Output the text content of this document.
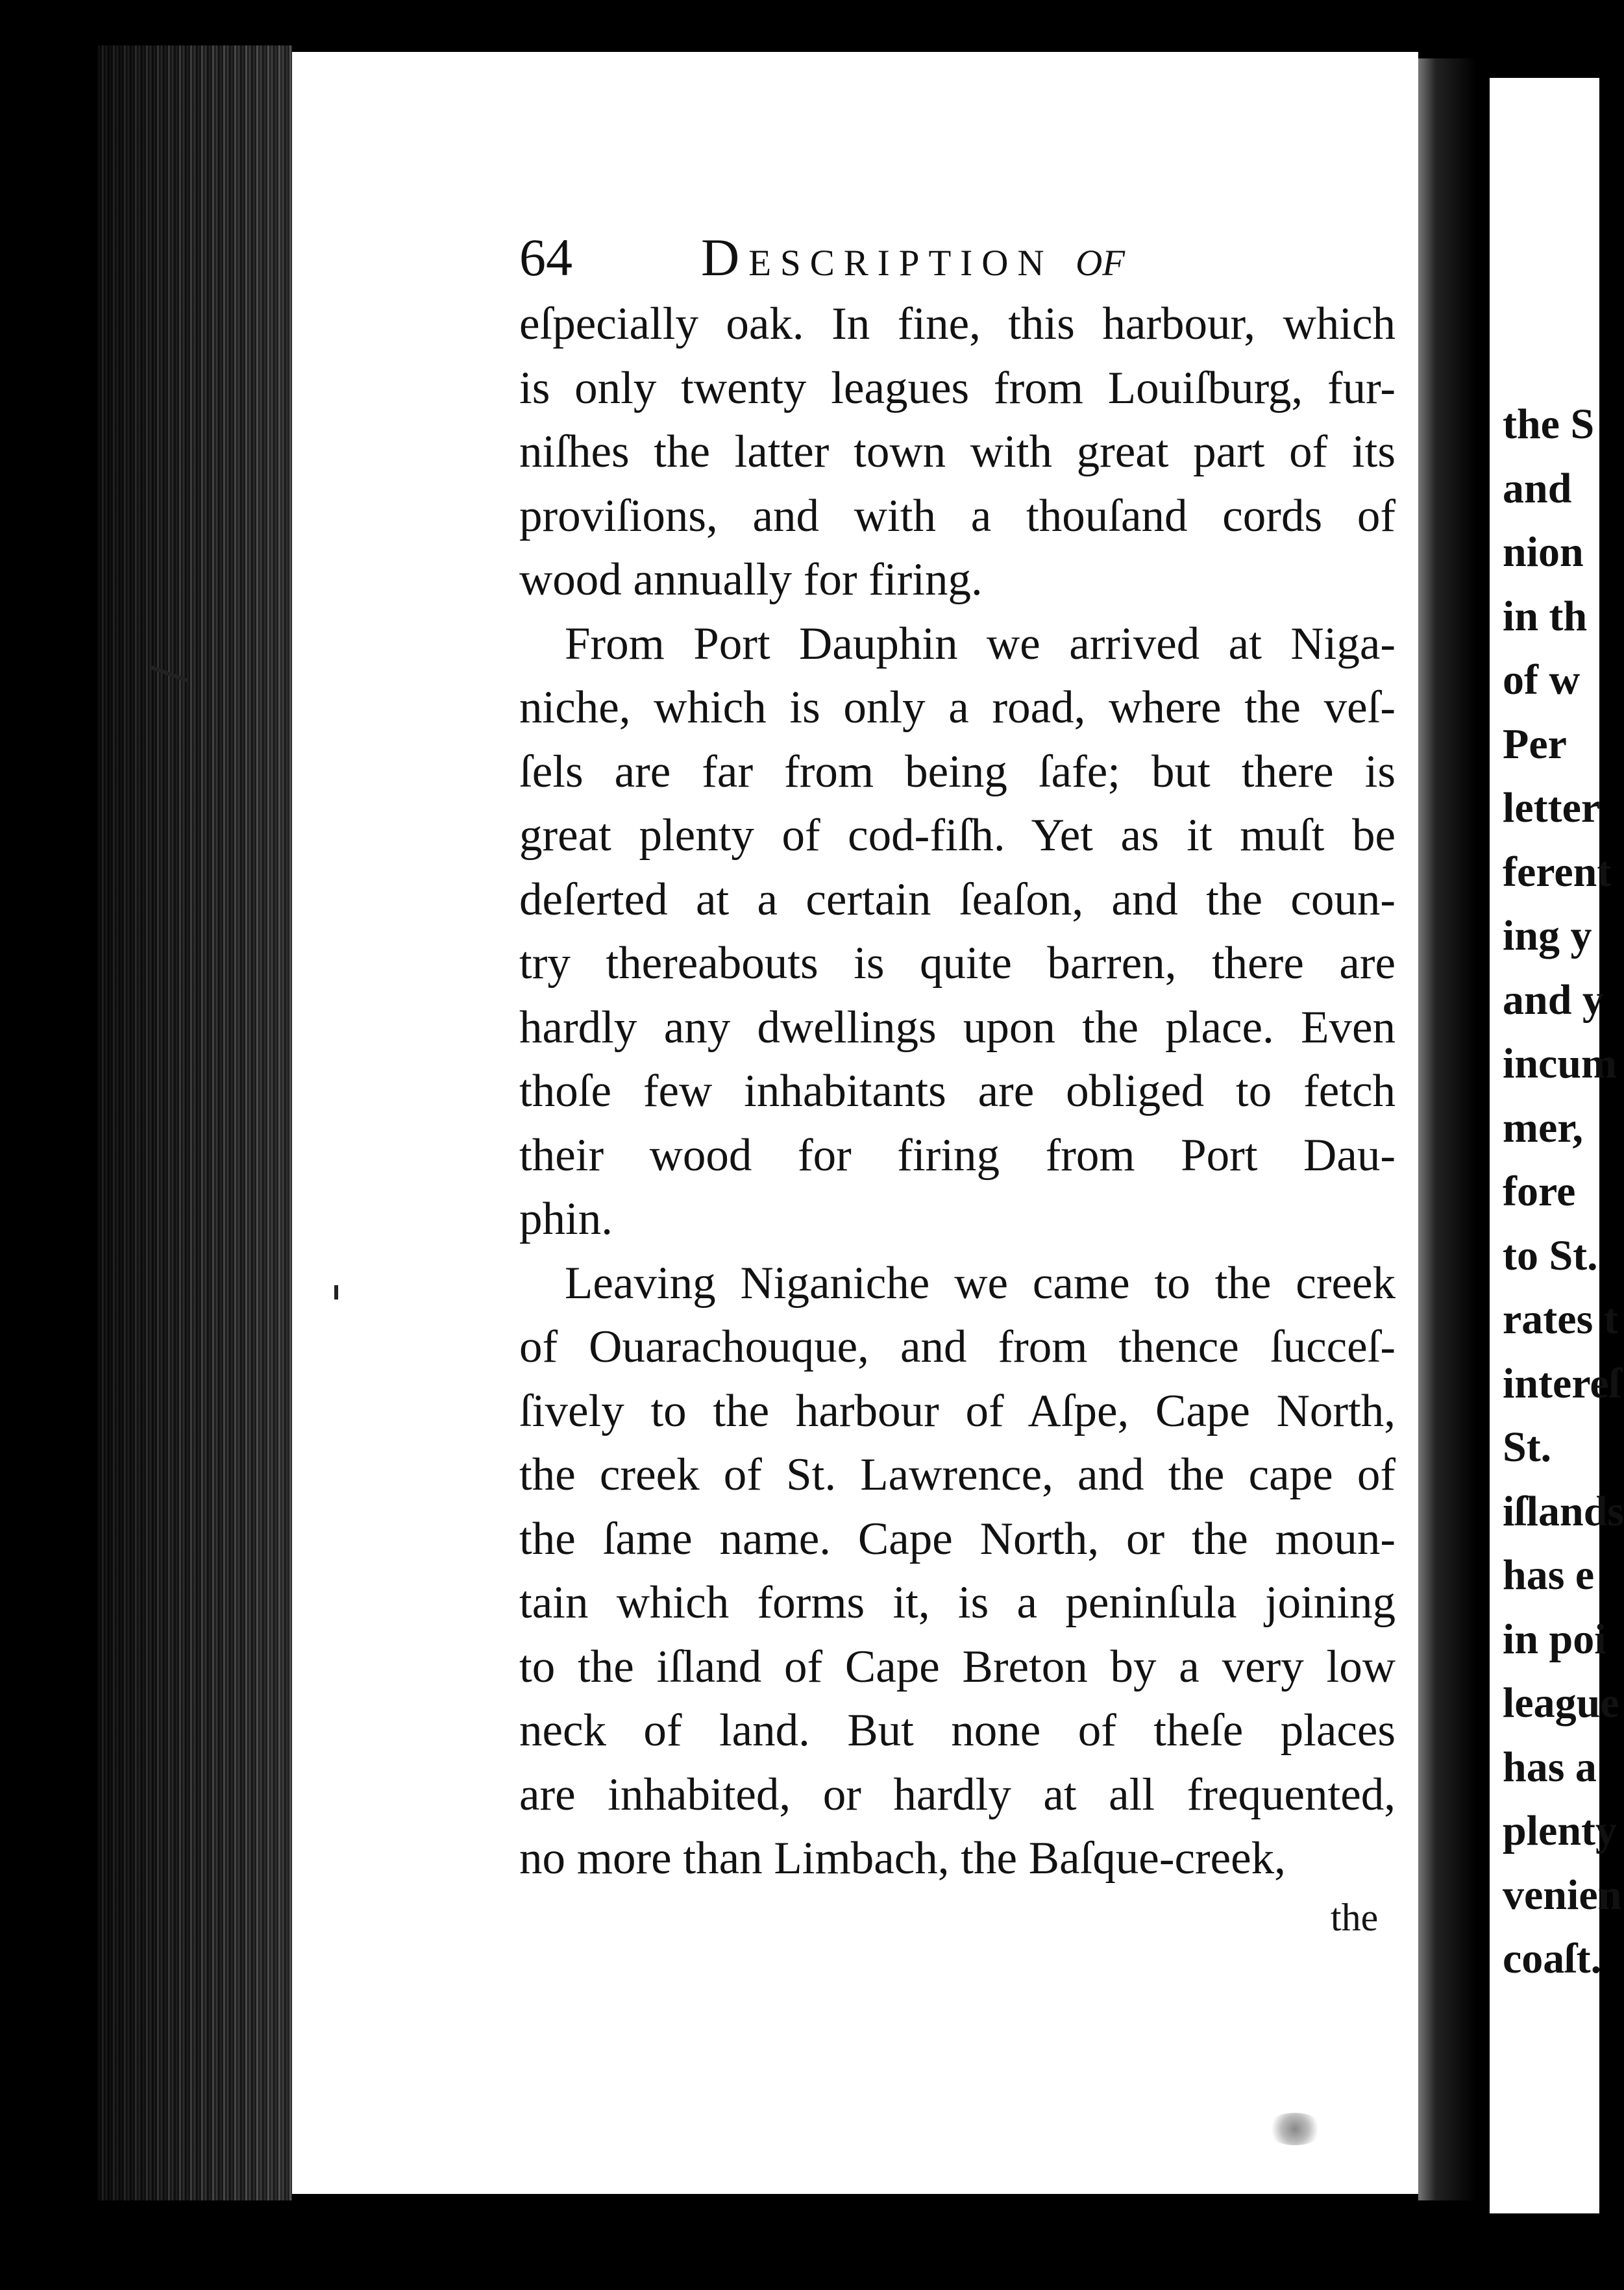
the S
and
nion
in th
of w
Per
letter
ferent
ing y
and y
incum
mer,
fore
to St.
rates t
intereſ
St.
iſlands
has e
in poi
league
has a
plenty
venien
coaſt.
64 Description of
eſpecially oak. In fine, this harbour, which
is only twenty leagues from Louiſburg, fur-
niſhes the latter town with great part of its
proviſions, and with a thouſand cords of
wood annually for firing.
From Port Dauphin we arrived at Niga-
niche, which is only a road, where the veſ-
ſels are far from being ſafe; but there is
great plenty of cod-fiſh. Yet as it muſt be
deſerted at a certain ſeaſon, and the coun-
try thereabouts is quite barren, there are
hardly any dwellings upon the place. Even
thoſe few inhabitants are obliged to fetch
their wood for firing from Port Dau-
phin.
Leaving Niganiche we came to the creek
of Ouarachouque, and from thence ſucceſ-
ſively to the harbour of Aſpe, Cape North,
the creek of St. Lawrence, and the cape of
the ſame name. Cape North, or the moun-
tain which forms it, is a peninſula joining
to the iſland of Cape Breton by a very low
neck of land. But none of theſe places
are inhabited, or hardly at all frequented,
no more than Limbach, the Baſque-creek,
the
